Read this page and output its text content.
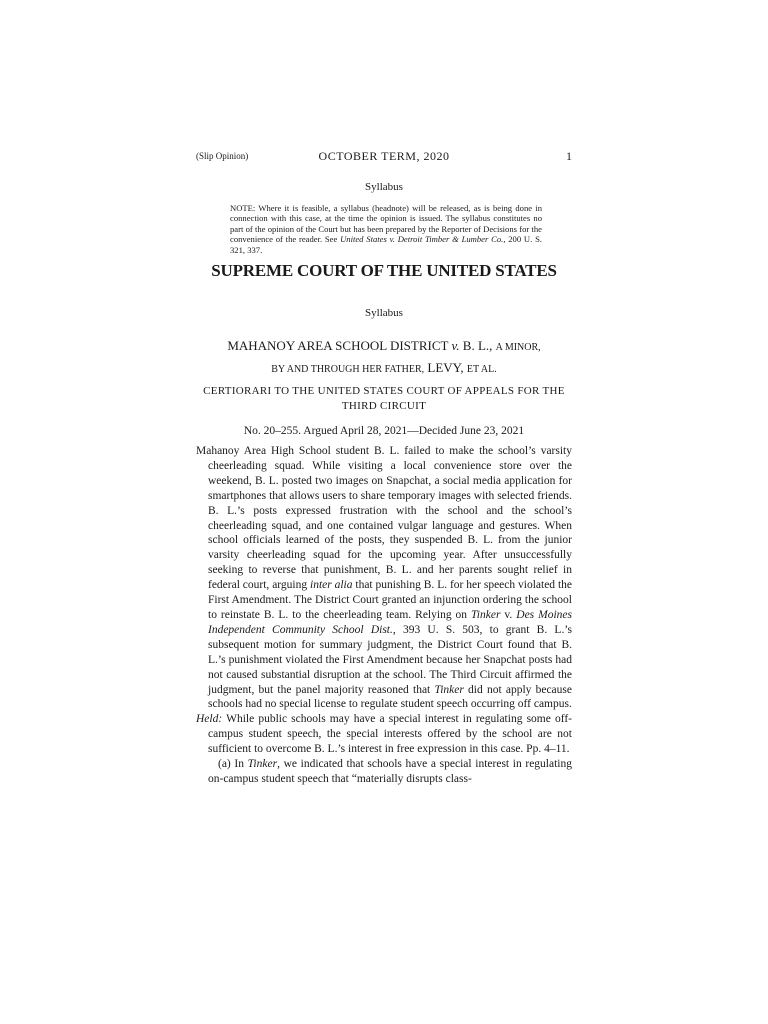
(Slip Opinion)	OCTOBER TERM, 2020	1
Syllabus
NOTE: Where it is feasible, a syllabus (headnote) will be released, as is being done in connection with this case, at the time the opinion is issued. The syllabus constitutes no part of the opinion of the Court but has been prepared by the Reporter of Decisions for the convenience of the reader. See United States v. Detroit Timber & Lumber Co., 200 U. S. 321, 337.
SUPREME COURT OF THE UNITED STATES
Syllabus
MAHANOY AREA SCHOOL DISTRICT v. B. L., A MINOR,
BY AND THROUGH HER FATHER, LEVY, ET AL.
CERTIORARI TO THE UNITED STATES COURT OF APPEALS FOR THE THIRD CIRCUIT
No. 20–255. Argued April 28, 2021—Decided June 23, 2021

Mahanoy Area High School student B. L. failed to make the school’s varsity cheerleading squad. While visiting a local convenience store over the weekend, B. L. posted two images on Snapchat, a social media application for smartphones that allows users to share temporary images with selected friends. B. L.’s posts expressed frustration with the school and the school’s cheerleading squad, and one contained vulgar language and gestures. When school officials learned of the posts, they suspended B. L. from the junior varsity cheerleading squad for the upcoming year. After unsuccessfully seeking to reverse that punishment, B. L. and her parents sought relief in federal court, arguing inter alia that punishing B. L. for her speech violated the First Amendment. The District Court granted an injunction ordering the school to reinstate B. L. to the cheerleading team. Relying on Tinker v. Des Moines Independent Community School Dist., 393 U. S. 503, to grant B. L.’s subsequent motion for summary judgment, the District Court found that B. L.’s punishment violated the First Amendment because her Snapchat posts had not caused substantial disruption at the school. The Third Circuit affirmed the judgment, but the panel majority reasoned that Tinker did not apply because schools had no special license to regulate student speech occurring off campus.

Held: While public schools may have a special interest in regulating some off-campus student speech, the special interests offered by the school are not sufficient to overcome B. L.’s interest in free expression in this case. Pp. 4–11.

(a) In Tinker, we indicated that schools have a special interest in regulating on-campus student speech that “materially disrupts class-
